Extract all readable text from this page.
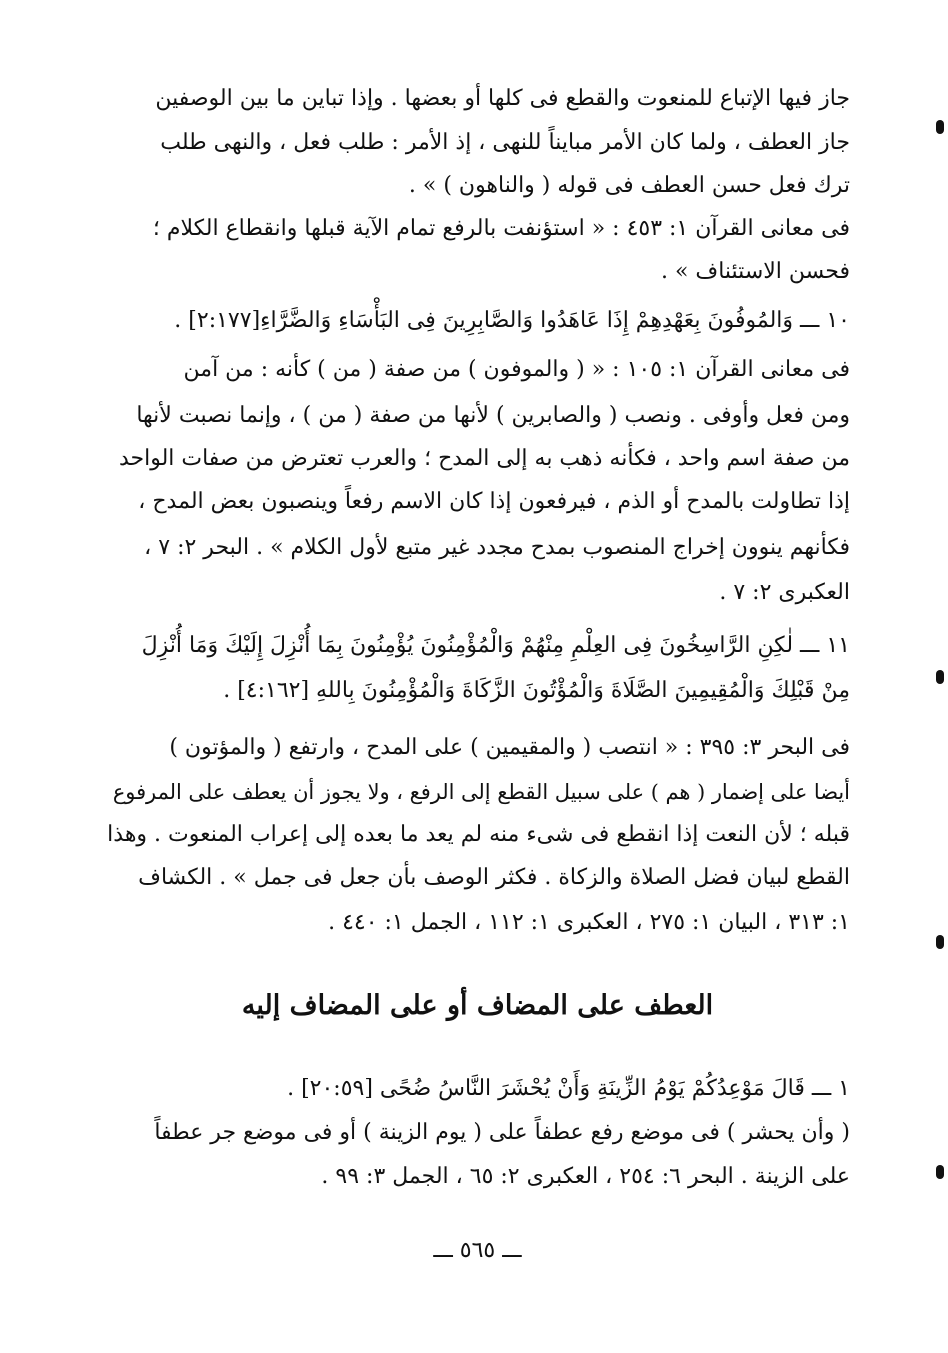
جاز فيها الإتباع للمنعوت والقطع فى كلها أو بعضها . وإذا تباين ما بين الوصفين
جاز العطف ، ولما كان الأمر مبايناً للنهى ، إذ الأمر : طلب فعل ، والنهى طلب
ترك فعل حسن العطف فى قوله ( والناهون ) » .
فى معانى القرآن ١: ٤٥٣ : « استؤنفت بالرفع تمام الآية قبلها وانقطاع الكلام ؛
فحسن الاستئناف » .
١٠ ـــ وَالمُوفُونَ بِعَهْدِهِمْ إِذَا عَاهَدُوا وَالصَّابِرِينَ فِى البَأْسَاءِ وَالضَّرَّاءِ[٢:١٧٧] .
فى معانى القرآن ١: ١٠٥ : « ( والموفون ) من صفة ( من ) كأنه : من آمن
ومن فعل وأوفى . ونصب ( والصابرين ) لأنها من صفة ( من ) ، وإنما نصبت لأنها
من صفة اسم واحد ، فكأنه ذهب به إلى المدح ؛ والعرب تعترض من صفات الواحد
إذا تطاولت بالمدح أو الذم ، فيرفعون إذا كان الاسم رفعاً وينصبون بعض المدح ،
فكأنهم ينوون إخراج المنصوب بمدح مجدد غير متبع لأول الكلام » . البحر ٢: ٧ ،
العكبرى ٢: ٧ .
١١ ـــ لٰكِنِ الرَّاسِخُونَ فِى العِلْمِ مِنْهُمْ وَالْمُؤْمِنُونَ يُؤْمِنُونَ بِمَا أُنْزِلَ إِلَيْكَ وَمَا أُنْزِلَ
مِنْ قَبْلِكَ وَالْمُقِيمِينَ الصَّلَاةَ وَالْمُؤْتُونَ الزَّكَاةَ وَالْمُؤْمِنُونَ بِاللهِ [٤:١٦٢] .
فى البحر ٣: ٣٩٥ : « انتصب ( والمقيمين ) على المدح ، وارتفع ( والمؤتون )
أيضا على إضمار ( هم ) على سبيل القطع إلى الرفع ، ولا يجوز أن يعطف على المرفوع
قبله ؛ لأن النعت إذا انقطع فى شىء منه لم يعد ما بعده إلى إعراب المنعوت . وهذا
القطع لبيان فضل الصلاة والزكاة . فكثر الوصف بأن جعل فى جمل » . الكشاف
١: ٣١٣ ، البيان ١: ٢٧٥ ، العكبرى ١: ١١٢ ، الجمل ١: ٤٤٠ .
العطف على المضاف أو على المضاف إليه
١ ـــ قَالَ مَوْعِدُكُمْ يَوْمُ الزِّينَةِ وَأَنْ يُحْشَرَ النَّاسُ ضُحًى [٢٠:٥٩] .
( وأن يحشر ) فى موضع رفع عطفاً على ( يوم الزينة ) أو فى موضع جر عطفاً
على الزينة . البحر ٦: ٢٥٤ ، العكبرى ٢: ٦٥ ، الجمل ٣: ٩٩ .
ـــ ٥٦٥ ـــ
